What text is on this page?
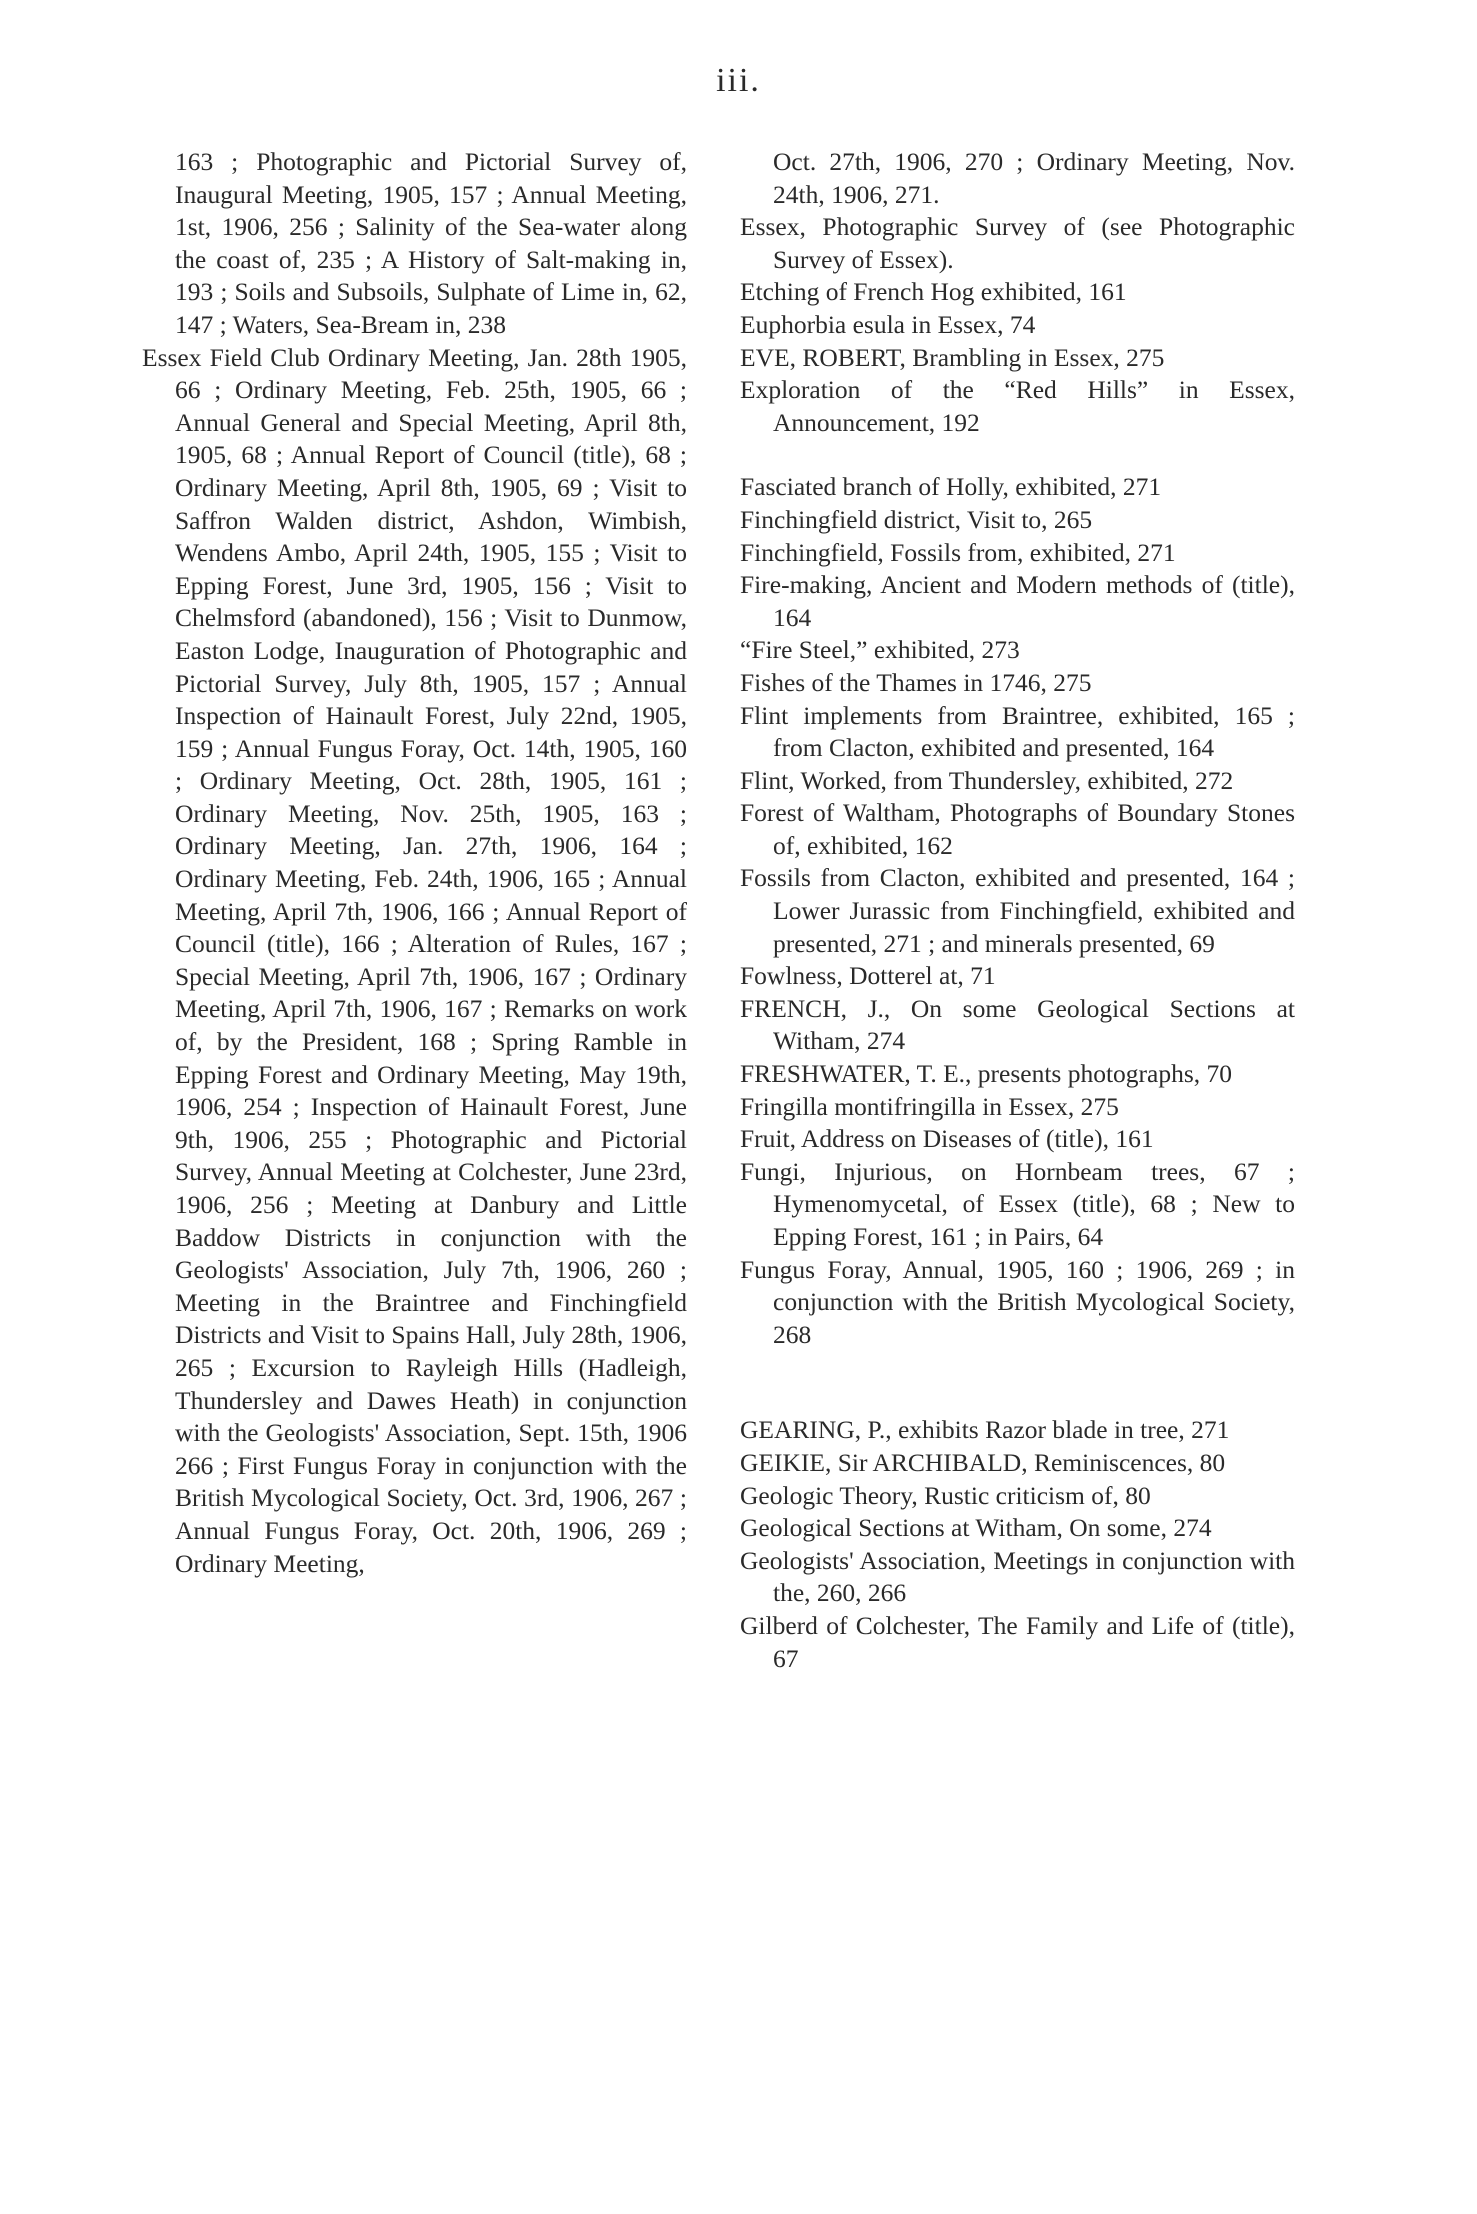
iii.
163 ; Photographic and Pictorial Survey of, Inaugural Meeting, 1905, 157 ; Annual Meeting, 1st, 1906, 256 ; Salinity of the Sea-water along the coast of, 235 ; A History of Salt-making in, 193 ; Soils and Subsoils, Sulphate of Lime in, 62, 147 ; Waters, Sea-Bream in, 238
Essex Field Club Ordinary Meeting, Jan. 28th 1905, 66 ; Ordinary Meeting, Feb. 25th, 1905, 66 ; Annual General and Special Meeting, April 8th, 1905, 68 ; Annual Report of Council (title), 68 ; Ordinary Meeting, April 8th, 1905, 69 ; Visit to Saffron Walden district, Ashdon, Wimbish, Wendens Ambo, April 24th, 1905, 155 ; Visit to Epping Forest, June 3rd, 1905, 156 ; Visit to Chelmsford (abandoned), 156 ; Visit to Dunmow, Easton Lodge, Inauguration of Photographic and Pictorial Survey, July 8th, 1905, 157 ; Annual Inspection of Hainault Forest, July 22nd, 1905, 159 ; Annual Fungus Foray, Oct. 14th, 1905, 160 ; Ordinary Meeting, Oct. 28th, 1905, 161 ; Ordinary Meeting, Nov. 25th, 1905, 163 ; Ordinary Meeting, Jan. 27th, 1906, 164 ; Ordinary Meeting, Feb. 24th, 1906, 165 ; Annual Meeting, April 7th, 1906, 166 ; Annual Report of Council (title), 166 ; Alteration of Rules, 167 ; Special Meeting, April 7th, 1906, 167 ; Ordinary Meeting, April 7th, 1906, 167 ; Remarks on work of, by the President, 168 ; Spring Ramble in Epping Forest and Ordinary Meeting, May 19th, 1906, 254 ; Inspection of Hainault Forest, June 9th, 1906, 255 ; Photographic and Pictorial Survey, Annual Meeting at Colchester, June 23rd, 1906, 256 ; Meeting at Danbury and Little Baddow Districts in conjunction with the Geologists' Association, July 7th, 1906, 260 ; Meeting in the Braintree and Finchingfield Districts and Visit to Spains Hall, July 28th, 1906, 265 ; Excursion to Rayleigh Hills (Hadleigh, Thundersley and Dawes Heath) in conjunction with the Geologists' Association, Sept. 15th, 1906 266 ; First Fungus Foray in conjunction with the British Mycological Society, Oct. 3rd, 1906, 267 ; Annual Fungus Foray, Oct. 20th, 1906, 269 ; Ordinary Meeting,
Oct. 27th, 1906, 270 ; Ordinary Meeting, Nov. 24th, 1906, 271.
Essex, Photographic Survey of (see Photographic Survey of Essex).
Etching of French Hog exhibited, 161
Euphorbia esula in Essex, 74
EVE, ROBERT, Brambling in Essex, 275
Exploration of the “Red Hills” in Essex, Announcement, 192
Fasciated branch of Holly, exhibited, 271
Finchingfield district, Visit to, 265
Finchingfield, Fossils from, exhibited, 271
Fire-making, Ancient and Modern methods of (title), 164
“Fire Steel,” exhibited, 273
Fishes of the Thames in 1746, 275
Flint implements from Braintree, exhibited, 165 ; from Clacton, exhibited and presented, 164
Flint, Worked, from Thundersley, exhibited, 272
Forest of Waltham, Photographs of Boundary Stones of, exhibited, 162
Fossils from Clacton, exhibited and presented, 164 ; Lower Jurassic from Finchingfield, exhibited and presented, 271 ; and minerals presented, 69
Fowlness, Dotterel at, 71
FRENCH, J., On some Geological Sections at Witham, 274
FRESHWATER, T. E., presents photographs, 70
Fringilla montifringilla in Essex, 275
Fruit, Address on Diseases of (title), 161
Fungi, Injurious, on Hornbeam trees, 67 ; Hymenomycetal, of Essex (title), 68 ; New to Epping Forest, 161 ; in Pairs, 64
Fungus Foray, Annual, 1905, 160 ; 1906, 269 ; in conjunction with the British Mycological Society, 268
GEARING, P., exhibits Razor blade in tree, 271
GEIKIE, Sir ARCHIBALD, Reminiscences, 80
Geologic Theory, Rustic criticism of, 80
Geological Sections at Witham, On some, 274
Geologists' Association, Meetings in conjunction with the, 260, 266
Gilberd of Colchester, The Family and Life of (title), 67
